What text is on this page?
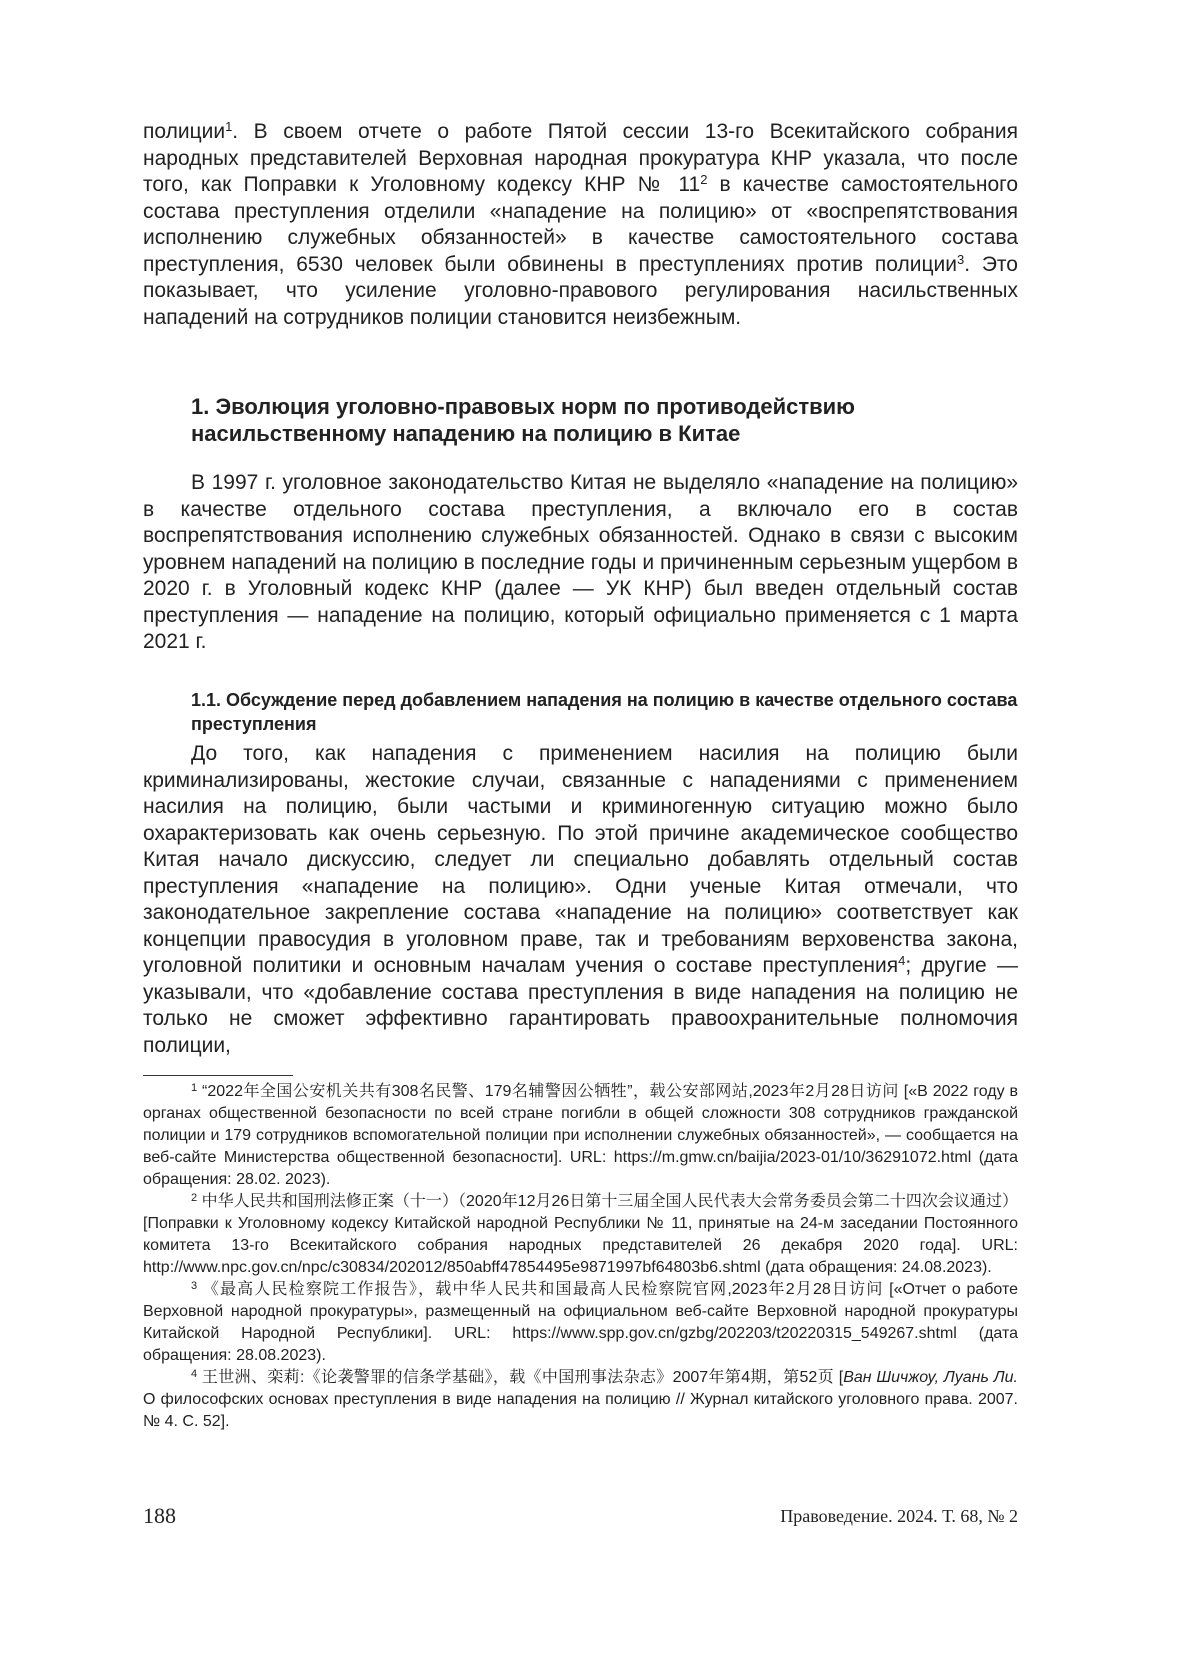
полиции$^1$. В своем отчете о работе Пятой сессии 13-го Всекитайского собрания народных представителей Верховная народная прокуратура КНР указала, что после того, как Поправки к Уголовному кодексу КНР № $11^2$ в качестве самостоятельного состава преступления отделили «нападение на полицию» от «воспрепятствования исполнению служебных обязанностей» в качестве самостоятельного состава преступления, 6530 человек были обвинены в преступлениях против полиции$^3$. Это показывает, что усиление уголовно-правового регулирования насильственных нападений на сотрудников полиции становится неизбежным.

1. Эволюция уголовно-правовых норм по противодействию насильственному нападению на полицию в Китае

В 1997 г. уголовное законодательство Китая не выделяло «нападение на полицию» в качестве отдельного состава преступления, а включало его в состав воспрепятствования исполнению служебных обязанностей. Однако в связи с высоким уровнем нападений на полицию в последние годы и причиненным серьезным ущербом в 2020 г. в Уголовный кодекс КНР (далее — УК КНР) был введен отдельный состав преступления — нападение на полицию, который официально применяется с 1 марта 2021 г.

1.1. Обсуждение перед добавлением нападения на полицию в качестве отдельного состава преступления

До того, как нападения с применением насилия на полицию были криминализированы, жестокие случаи, связанные с нападениями с применением насилия на полицию, были частыми и криминогенную ситуацию можно было охарактеризовать как очень серьезную. По этой причине академическое сообщество Китая начало дискуссию, следует ли специально добавлять отдельный состав преступления «нападение на полицию». Одни ученые Китая отмечали, что законодательное закрепление состава «нападение на полицию» соответствует как концепции правосудия в уголовном праве, так и требованиям верховенства закона, уголовной политики и основным началам учения о составе преступления$^4$; другие — указывали, что «добавление состава преступления в виде нападения на полицию не только не сможет эффективно гарантировать правоохранительные полномочия полиции,

$^1$ “2022年全国公安机关共有308名民警、179名辅警因公牺牲”，载公安部网站,2023年2月28日访问 [«В 2022 году в органах общественной безопасности по всей стране погибли в общей сложности 308 сотрудников гражданской полиции и 179 сотрудников вспомогательной полиции при исполнении служебных обязанностей», — сообщается на веб-сайте Министерства общественной безопасности]. URL: https://m.gmw.cn/baijia/2023-01/10/36291072.html (дата обращения: 28.02. 2023).

$^2$ 中华人民共和国刑法修正案（十一）（2020年12月26日第十三届全国人民代表大会常务委员会第二十四次会议通过）[Поправки к Уголовному кодексу Китайской народной Республики № 11, принятые на 24-м заседании Постоянного комитета 13-го Всекитайского собрания народных представителей 26 декабря 2020 года]. URL: http://www.npc.gov.cn/npc/c30834/202012/850abff47854495e9871997bf64803b6.shtml (дата обращения: 24.08.2023).

$^3$ 《最高人民检察院工作报告》，载中华人民共和国最高人民检察院官网,2023年2月28日访问 [«Отчет о работе Верховной народной прокуратуры», размещенный на официальном веб-сайте Верховной народной прокуратуры Китайской Народной Республики]. URL: https://www.spp.gov.cn/gzbg/202203/t20220315_549267.shtml (дата обращения: 28.08.2023).

$^4$ 王世洲、栾莉:《论袭警罪的信条学基础》，载《中国刑事法杂志》2007年第4期，第52页 [Ван Шичжоу, Луань Ли. О философских основах преступления в виде нападения на полицию // Журнал китайского уголовного права. 2007. № 4. С. 52].

188	Правоведение. 2024. Т. 68, № 2
